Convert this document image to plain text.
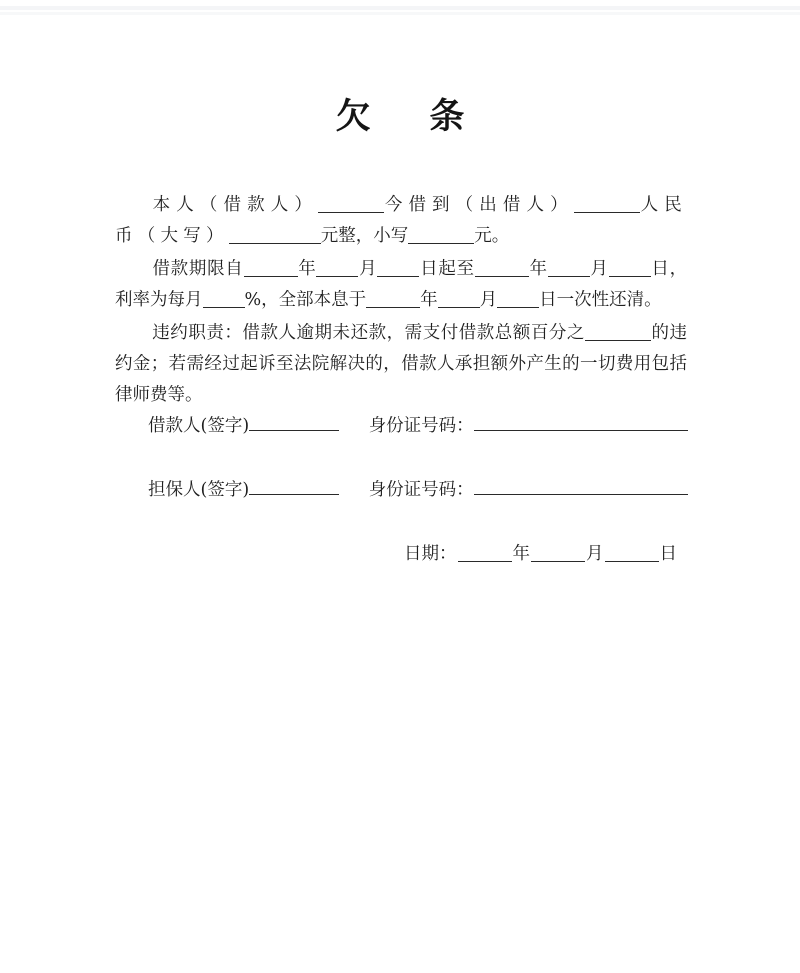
欠　条

本人（借款人）	今借到（出借人）	人民币（大写）	元整，小写	元。

借款期限自	年 月 日起至	年 月 日，利率为每月 %，全部本息于	年 月 日一次性还清。

违约职责：借款人逾期未还款，需支付借款总额百分之	的违约金；若需经过起诉至法院解决的，借款人承担额外产生的一切费用包括律师费等。

借款人(签字)	身份证号码：
担保人(签字)	身份证号码：
日期：	年	月	日
